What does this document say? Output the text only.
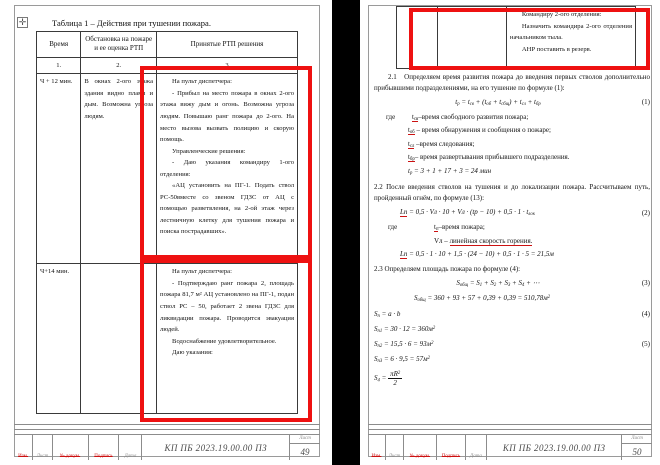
✛	Таблица 1 – Действия при тушении пожара.
Время	Обстановка на пожаре и ее оценка РТП	Принятые РТП решения
1.	2.	3
Ч + 12 мин.	В окнах 2-ого этажа здания видно пламя и дым. Возможна угроза людям.	На пульт диспетчера:

- Прибыл на место пожара в окнах 2-ого этажа вижу дым и огонь. Возможна угроза людям. Повышаю ранг пожара до 2-ого. На место вызова вызвать полицию и скорую помощь.

Управленческие решения:

- Даю указания командиру 1-ого отделения:

«АЦ установить на ПГ-1. Подать ствол РС-50вместе со звеном ГДЗС от АЦ с помощью разветвления, на 2-ой этаж через лестничную клетку для тушения пожара и поиска пострадавших».

Ч+14 мин.		На пульт диспетчера:

- Подтверждаю ранг пожара 2, площадь пожара 81,7 м² АЦ установлено на ПГ-1, подан ствол РС – 50, работает 2 звена ГДЗС для ликвидации пожара. Проводится эвакуация людей.

Водоснабжение удовлетворительное.

Даю указания:

Изм.	Лист	№ докум.	Подпись	Дата
КП ПБ 2023.19.00.00 ПЗ
Лист
49

Командиру 2-ого отделения:

Назначить командира 2-ого отделения начальником тыла.

АНР поставить в резерв.

2.1 Определяем время развития пожара до введения первых стволов дополнительно прибывшими подразделениями, на его тушение по формуле (1):

$t_р = t_{св} + (t_{об} + t_{сбщ}) + t_{сл} + t_{бр}$	(1)
где	$t_{св}$–время свободного развития пожара;
$t_{об}$ – время обнаружения и сообщения о пожаре;
$t_{сл}$ –время следования;
$t_{бр}-$ время развертывания прибывшего подразделения.
$t_р = 3 + 1 + 17 + 3 = 24$ мин

2.2 После введения стволов на тушения и до локализации пожара. Рассчитываем путь, пройденный огнём, по формуле (13):

Lп = 0,5 · Vл · 10 + Vл · $(tр - 10) + 0,5 \cdot 1 \cdot t_{лок}$	(2)
где	$t_п$–время пожара;
Vл – линейная скорость горения.
Lп = 0,5 · 1 · 10 + 1,5 · (24 − 10) + 0,5 · 1 · 5 = 21,5м

2.3 Определяем площадь пожара по формуле (4):

$S_{общ} = S_1 + S_2 + S_3 + S_4$ + ⋯	(3)
$S_{общ} = 360 + 93 + 57 + 0,39 + 0,39 = 510,78м^2$
$S_п = a \cdot b$	(4)
$S_{п1} = 30 \cdot 12 = 360м^2$
$S_{п2} = 15,5 \cdot 6 = 93м^2$	(5)
$S_{п3} = 6 \cdot 9,5 = 57м^2$
$S_4 = \frac{\pi R^2}{2}$
Изм.	Лист	№ докум.	Подпись	Дата
КП ПБ 2023.19.00.00 ПЗ
Лист
50
